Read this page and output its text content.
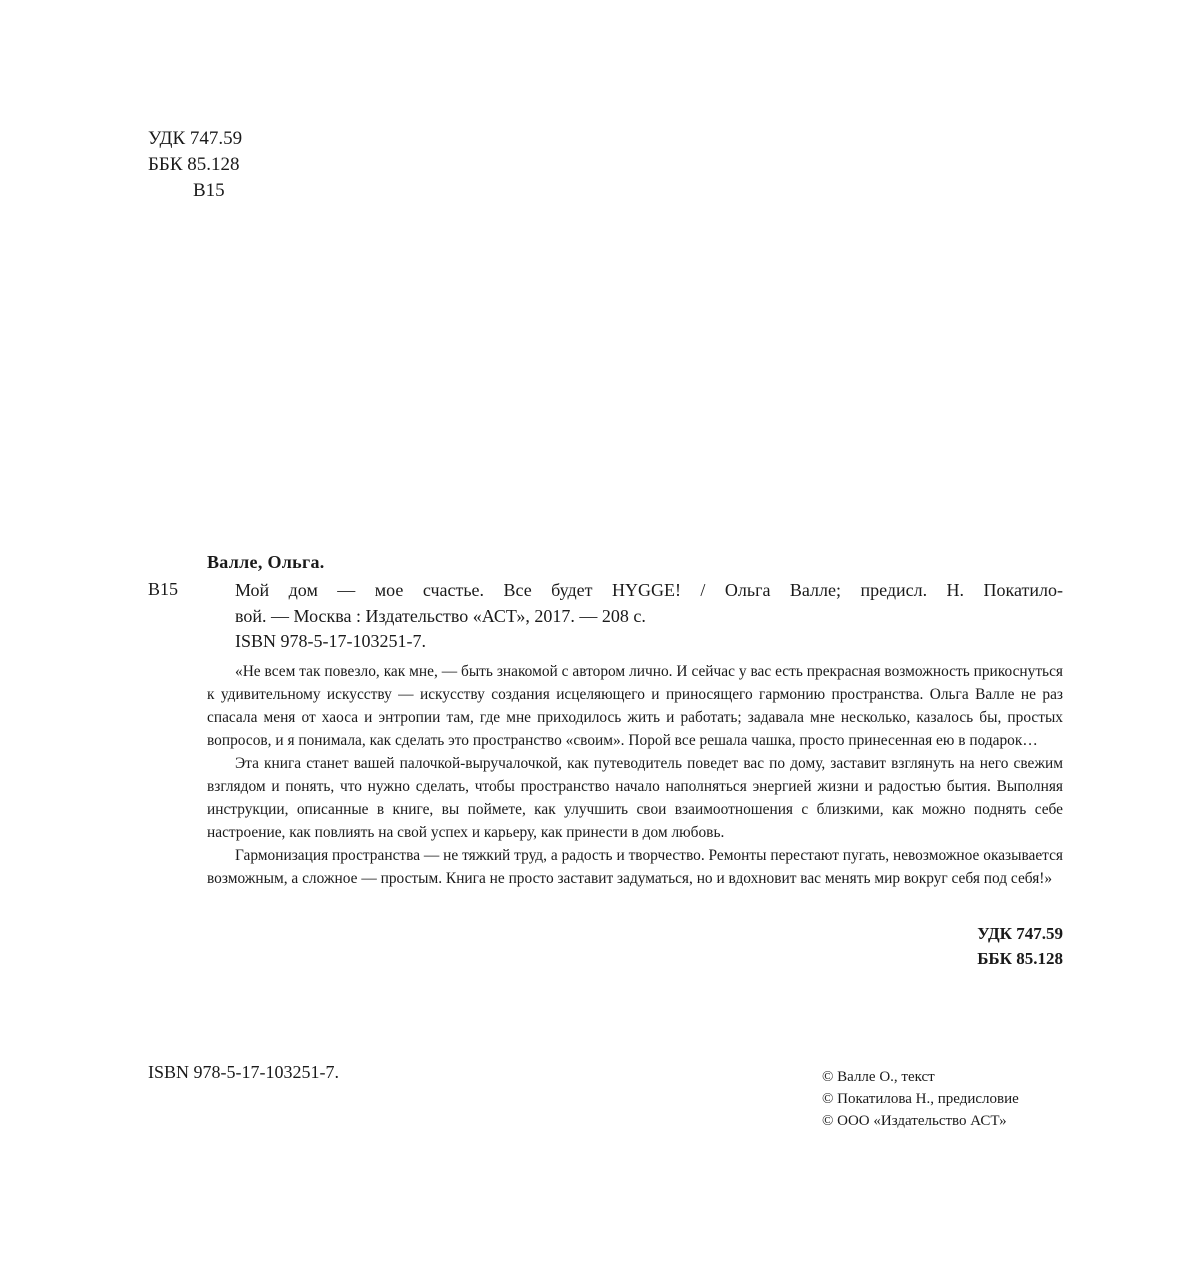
УДК 747.59
ББК 85.128
В15
Валле, Ольга.
В15	Мой дом — мое счастье. Все будет HYGGE! / Ольга Валле; предисл. Н. Покатило-
вой. — Москва : Издательство «АСТ», 2017. — 208 с.
ISBN 978-5-17-103251-7.

«Не всем так повезло, как мне, — быть знакомой с автором лично. И сейчас у вас есть прекрасная возможность прикоснуться к удивительному искусству — искусству создания исцеляющего и приносящего гармонию пространства. Ольга Валле не раз спасала меня от хаоса и энтропии там, где мне приходилось жить и работать; задавала мне несколько, казалось бы, простых вопросов, и я понимала, как сделать это пространство «своим». Порой все решала чашка, просто принесенная ею в подарок…

Эта книга станет вашей палочкой-выручалочкой, как путеводитель поведет вас по дому, заставит взглянуть на него свежим взглядом и понять, что нужно сделать, чтобы пространство начало наполняться энергией жизни и радостью бытия. Выполняя инструкции, описанные в книге, вы поймете, как улучшить свои взаимоотношения с близкими, как можно поднять себе настроение, как повлиять на свой успех и карьеру, как принести в дом любовь.

Гармонизация пространства — не тяжкий труд, а радость и творчество. Ремонты перестают пугать, невозможное оказывается возможным, а сложное — простым. Книга не просто заставит задуматься, но и вдохновит вас менять мир вокруг себя под себя!»

УДК 747.59
ББК 85.128
ISBN 978-5-17-103251-7.	© Валле О., текст
© Покатилова Н., предисловие
© ООО «Издательство АСТ»
